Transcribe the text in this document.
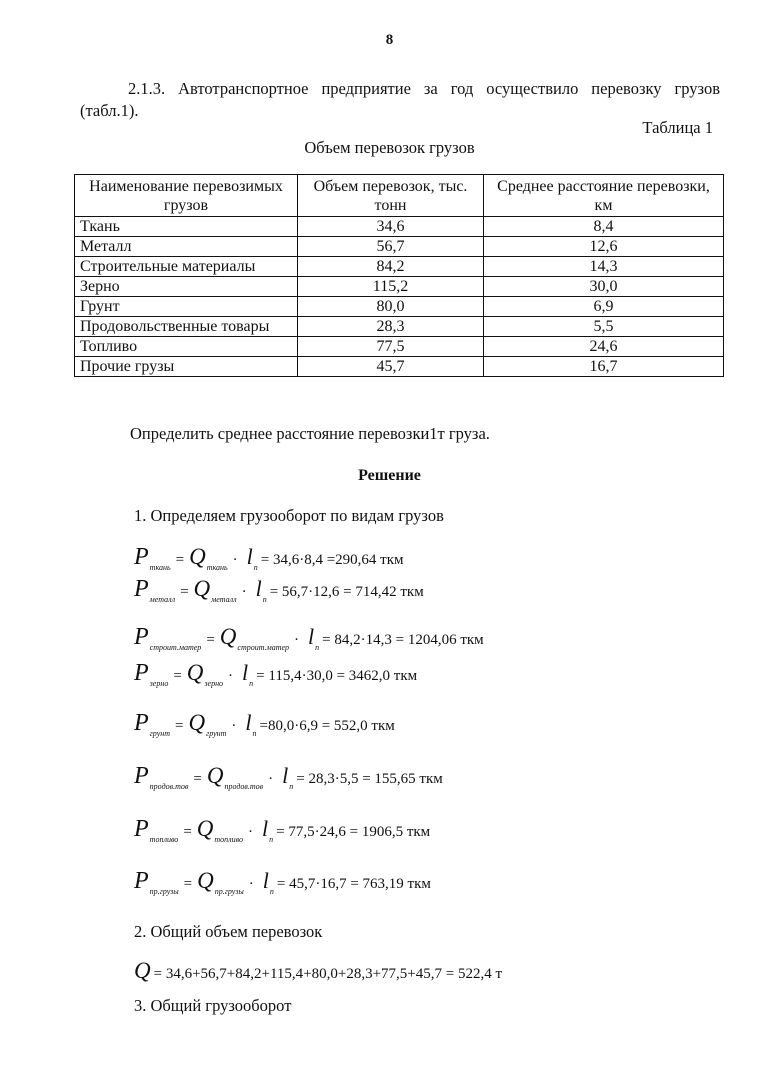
8
2.1.3. Автотранспортное предприятие за год осуществило перевозку грузов (табл.1).
Таблица 1
Объем перевозок грузов
Наименование перевозимых грузов	Объем перевозок, тыс. тонн	Среднее расстояние перевозки, км
Ткань	34,6	8,4
Металл	56,7	12,6
Строительные материалы	84,2	14,3
Зерно	115,2	30,0
Грунт	80,0	6,9
Продовольственные товары	28,3	5,5
Топливо	77,5	24,6
Прочие грузы	45,7	16,7
Определить среднее расстояние перевозки1т груза.
Решение
1. Определяем грузооборот по видам грузов
P ткань = Q ткань · l п = 34,6·8,4 =290,64 ткм
P металл = Q металл · l п = 56,7·12,6 = 714,42 ткм
P строит.матер = Q строит.матер · l п = 84,2·14,3 = 1204,06 ткм
P зерно = Q зерно · l п = 115,4·30,0 = 3462,0 ткм
P грунт = Q грунт · l п =80,0·6,9 = 552,0 ткм
P продов.тов = Q продов.тов · l п = 28,3·5,5 = 155,65 ткм
P топливо = Q топливо · l п = 77,5·24,6 = 1906,5 ткм
P пр.грузы = Q пр.грузы · l п = 45,7·16,7 = 763,19 ткм
2. Общий объем перевозок
Q = 34,6+56,7+84,2+115,4+80,0+28,3+77,5+45,7 = 522,4 т
3. Общий грузооборот
